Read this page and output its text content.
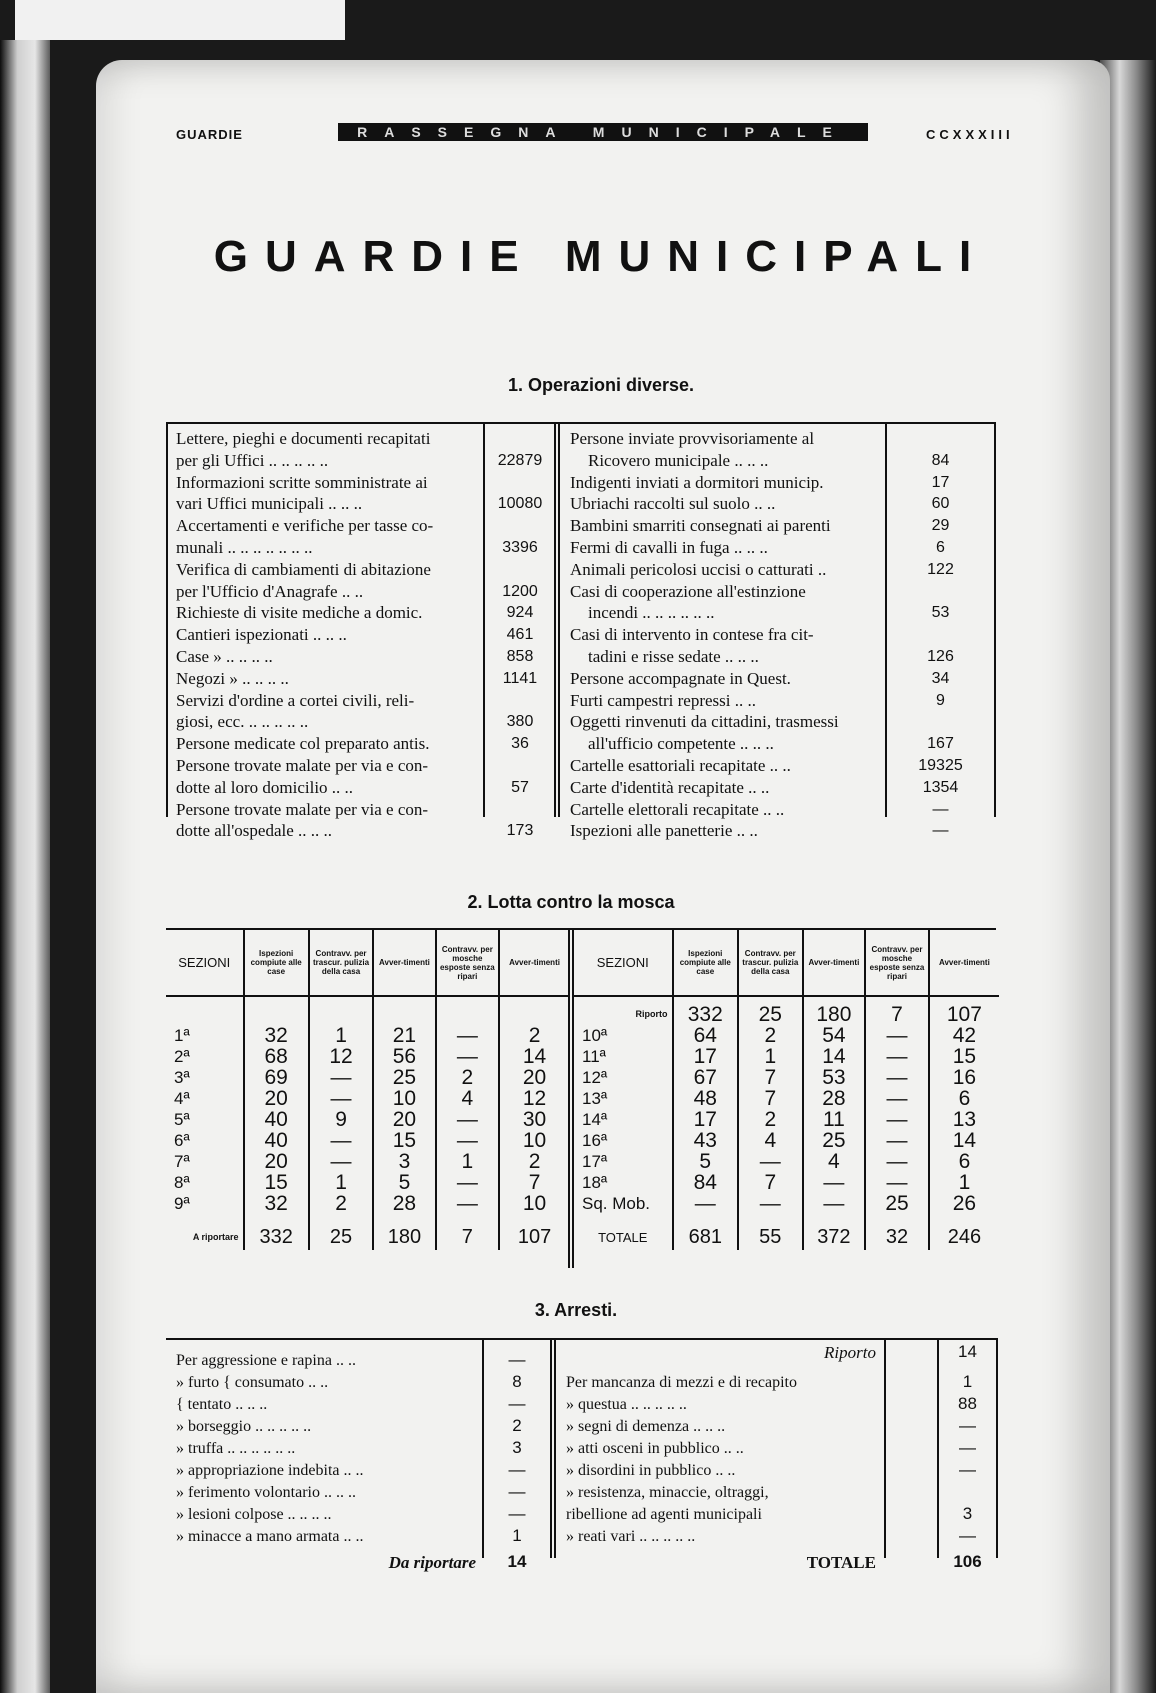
GUARDIE	RASSEGNA MUNICIPALE	CCXXXIII
GUARDIE MUNICIPALI
1. Operazioni diverse.
Lettere, pieghi e documenti recapitati
per gli Uffici .. .. .. .. ..	22879
Informazioni scritte somministrate ai
vari Uffici municipali .. .. ..	10080
Accertamenti e verifiche per tasse co-
munali .. .. .. .. .. .. ..	3396
Verifica di cambiamenti di abitazione
per l'Ufficio d'Anagrafe .. ..	1200
Richieste di visite mediche a domic.	924
Cantieri ispezionati .. .. ..	461
Case » .. .. .. ..	858
Negozi » .. .. .. ..	1141
Servizi d'ordine a cortei civili, reli-
giosi, ecc. .. .. .. .. ..	380
Persone medicate col preparato antis.	36
Persone trovate malate per via e con-
dotte al loro domicilio .. ..	57
Persone trovate malate per via e con-
dotte all'ospedale .. .. ..	173
Persone inviate provvisoriamente al
Ricovero municipale .. .. ..	84
Indigenti inviati a dormitori municip.	17
Ubriachi raccolti sul suolo .. ..	60
Bambini smarriti consegnati ai parenti	29
Fermi di cavalli in fuga .. .. ..	6
Animali pericolosi uccisi o catturati ..	122
Casi di cooperazione all'estinzione
incendi .. .. .. .. .. ..	53
Casi di intervento in contese fra cit-
tadini e risse sedate .. .. ..	126
Persone accompagnate in Quest.	34
Furti campestri repressi .. ..	9
Oggetti rinvenuti da cittadini, trasmessi
all'ufficio competente .. .. ..	167
Cartelle esattoriali recapitate .. ..	19325
Carte d'identità recapitate .. ..	1354
Cartelle elettorali recapitate .. ..	—
Ispezioni alle panetterie .. ..	—
2. Lotta contro la mosca
SEZIONI	Ispezioni compiute alle case	Contravv. per trascur. pulizia della casa	Avver-timenti	Contravv. per mosche esposte senza ripari	Avver-timenti

1ª	32	1	21	—	2
2ª	68	12	56	—	14
3ª	69	—	25	2	20
4ª	20	—	10	4	12
5ª	40	9	20	—	30
6ª	40	—	15	—	10
7ª	20	—	3	1	2
8ª	15	1	5	—	7
9ª	32	2	28	—	10

A riportare	332	25	180	7	107
SEZIONI	Ispezioni compiute alle case	Contravv. per trascur. pulizia della casa	Avver-timenti	Contravv. per mosche esposte senza ripari	Avver-timenti

Riporto	332	25	180	7	107
10ª	64	2	54	—	42
11ª	17	1	14	—	15
12ª	67	7	53	—	16
13ª	48	7	28	—	6
14ª	17	2	11	—	13
16ª	43	4	25	—	14
17ª	5	—	4	—	6
18ª	84	7	—	—	1
Sq. Mob.	—	—	—	25	26

TOTALE	681	55	372	32	246
3. Arresti.
Per aggressione e rapina .. ..	—
» furto { consumato .. ..	8
{ tentato .. .. ..	—
» borseggio .. .. .. .. ..	2
» truffa .. .. .. .. .. ..	3
» appropriazione indebita .. ..	—
» ferimento volontario .. .. ..	—
» lesioni colpose .. .. .. ..	—
» minacce a mano armata .. ..	1
Da riportare	14
Riporto	14
Per mancanza di mezzi e di recapito	1
» questua .. .. .. .. ..	88
» segni di demenza .. .. ..	—
» atti osceni in pubblico .. ..	—
» disordini in pubblico .. ..	—
» resistenza, minaccie, oltraggi,
ribellione ad agenti municipali	3
» reati vari .. .. .. .. ..	—
TOTALE	106
